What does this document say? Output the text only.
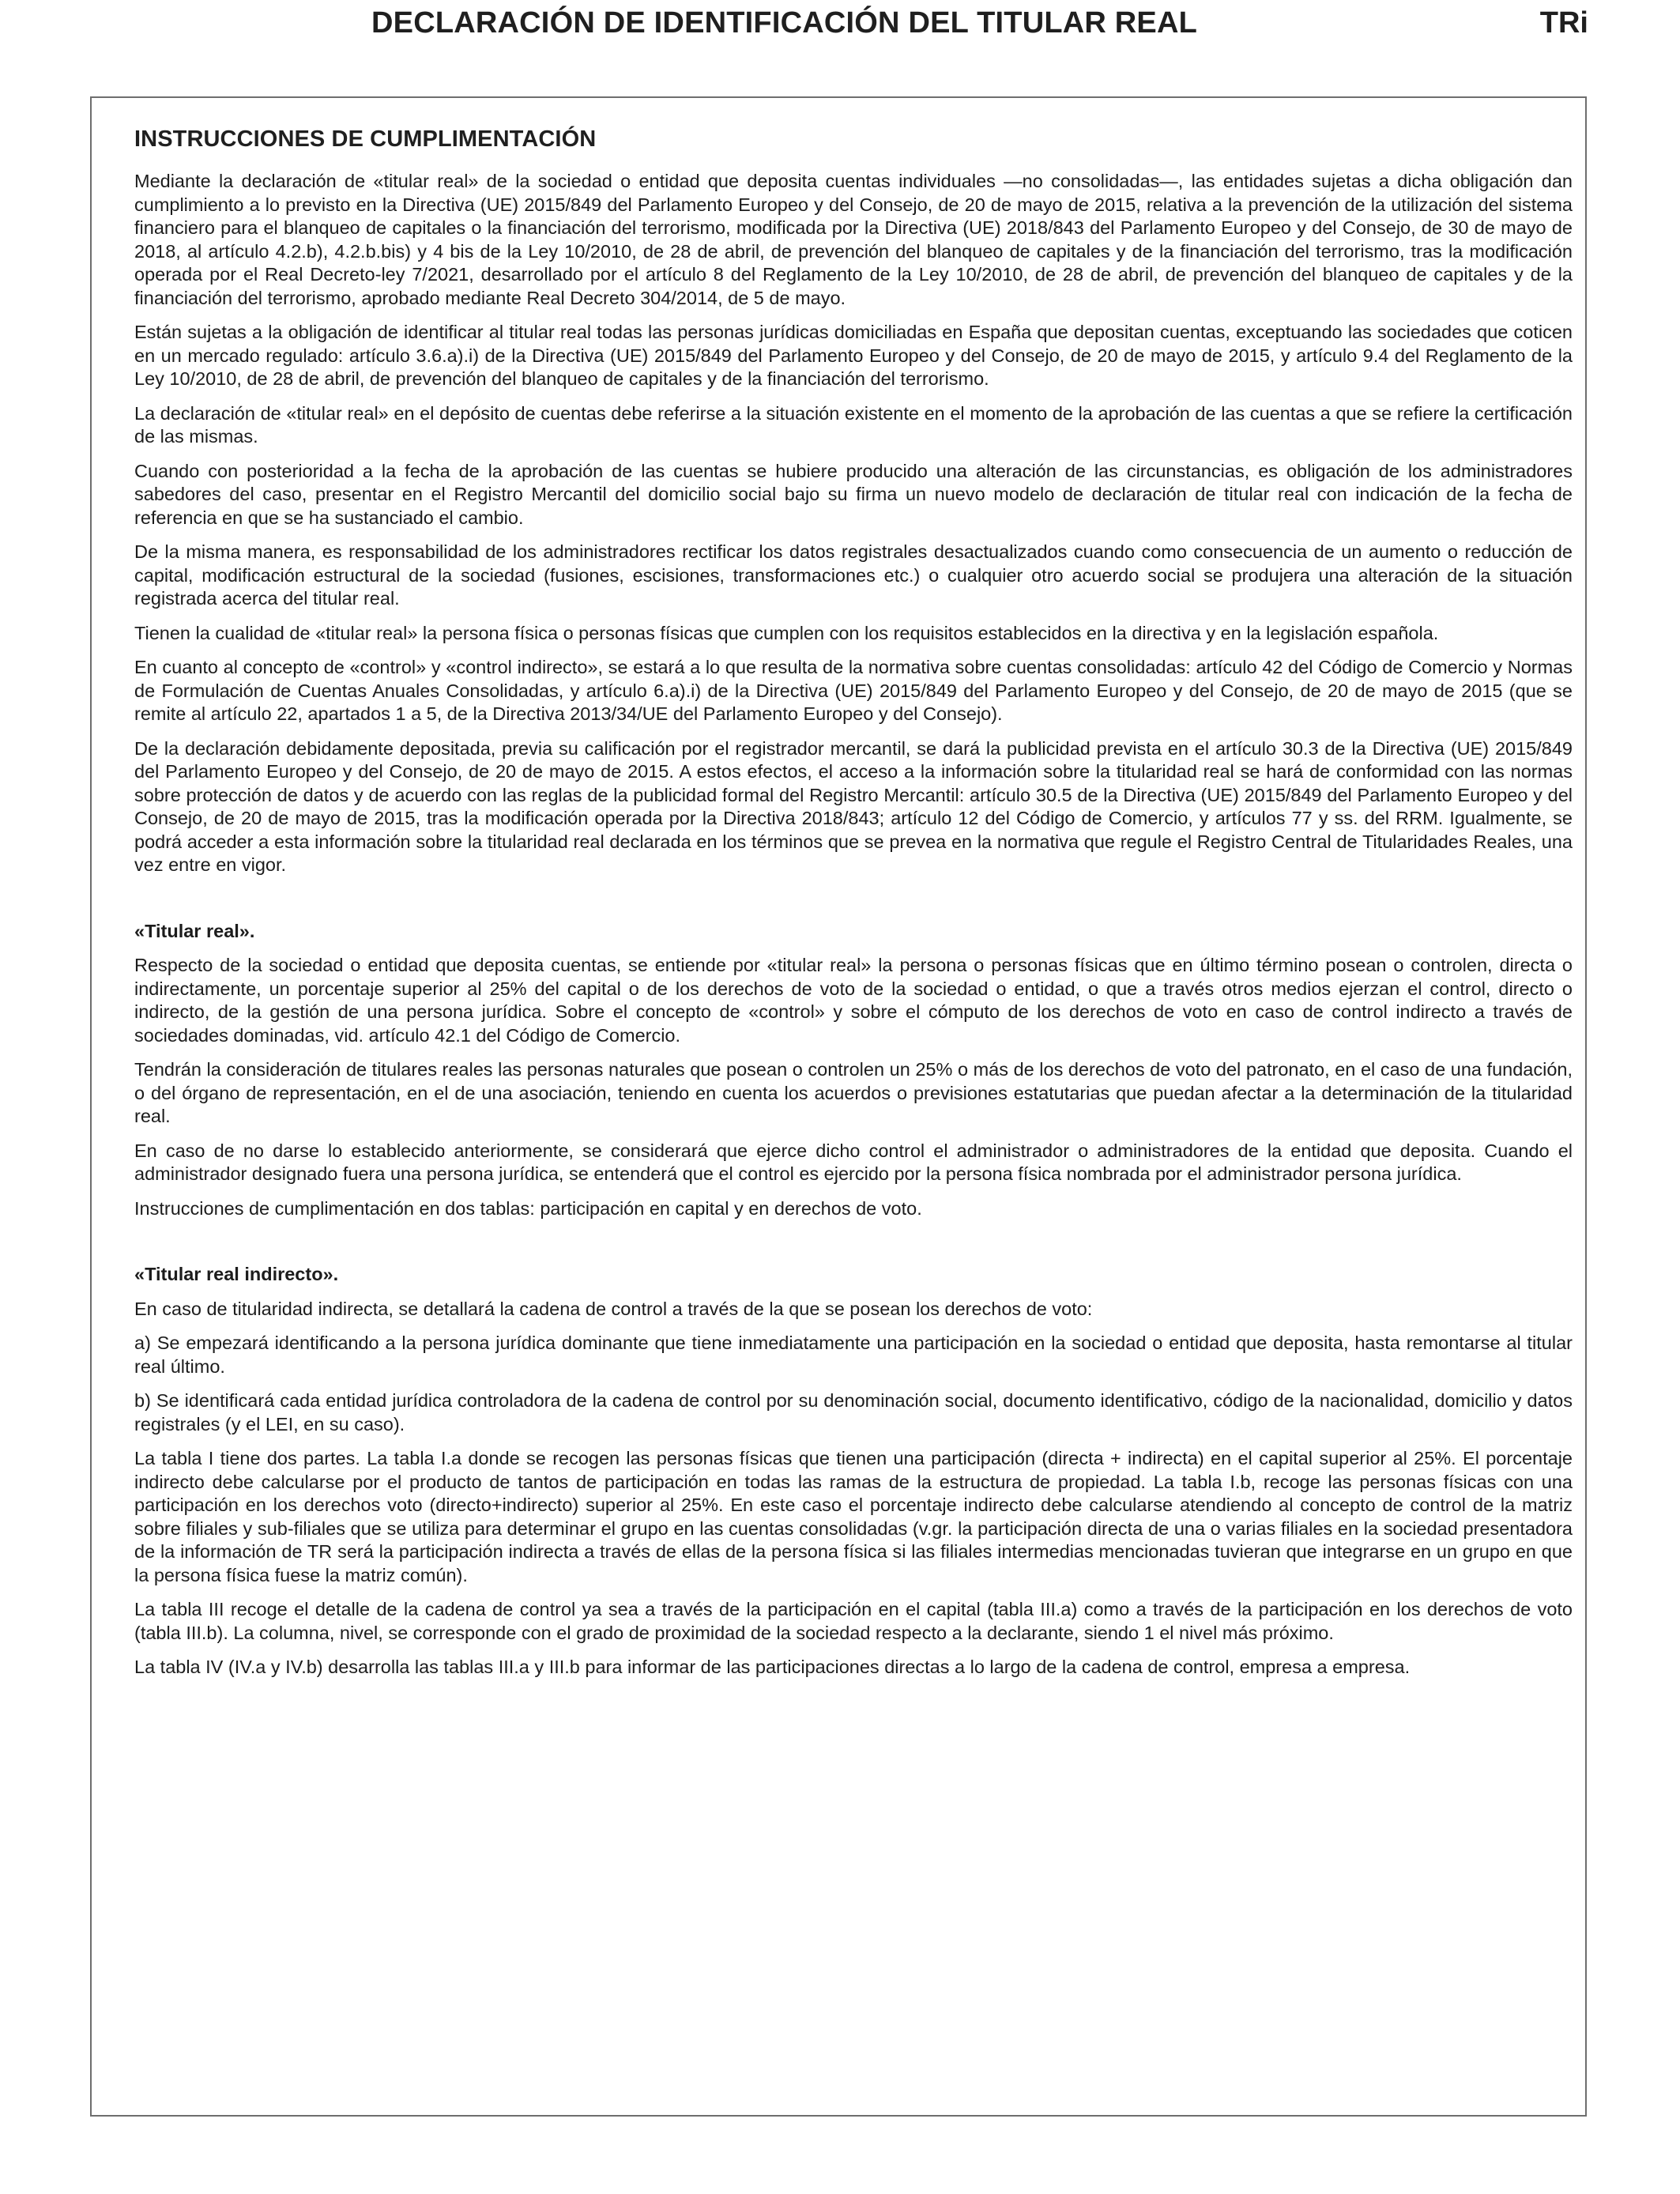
DECLARACIÓN DE IDENTIFICACIÓN DEL TITULAR REAL	TRi
INSTRUCCIONES DE CUMPLIMENTACIÓN

Mediante la declaración de «titular real» de la sociedad o entidad que deposita cuentas individuales —no consolidadas—, las entidades sujetas a dicha obligación dan cumplimiento a lo previsto en la Directiva (UE) 2015/849 del Parlamento Europeo y del Consejo, de 20 de mayo de 2015, relativa a la prevención de la utilización del sistema financiero para el blanqueo de capitales o la financiación del terrorismo, modificada por la Directiva (UE) 2018/843 del Parlamento Europeo y del Consejo, de 30 de mayo de 2018, al artículo 4.2.b), 4.2.b.bis) y 4 bis de la Ley 10/2010, de 28 de abril, de prevención del blanqueo de capitales y de la financiación del terrorismo, tras la modificación operada por el Real Decreto-ley 7/2021, desarrollado por el artículo 8 del Reglamento de la Ley 10/2010, de 28 de abril, de prevención del blanqueo de capitales y de la financiación del terrorismo, aprobado mediante Real Decreto 304/2014, de 5 de mayo.

Están sujetas a la obligación de identificar al titular real todas las personas jurídicas domiciliadas en España que depositan cuentas, exceptuando las sociedades que coticen en un mercado regulado: artículo 3.6.a).i) de la Directiva (UE) 2015/849 del Parlamento Europeo y del Consejo, de 20 de mayo de 2015, y artículo 9.4 del Reglamento de la Ley 10/2010, de 28 de abril, de prevención del blanqueo de capitales y de la financiación del terrorismo.

La declaración de «titular real» en el depósito de cuentas debe referirse a la situación existente en el momento de la aprobación de las cuentas a que se refiere la certificación de las mismas.

Cuando con posterioridad a la fecha de la aprobación de las cuentas se hubiere producido una alteración de las circunstancias, es obligación de los administradores sabedores del caso, presentar en el Registro Mercantil del domicilio social bajo su firma un nuevo modelo de declaración de titular real con indicación de la fecha de referencia en que se ha sustanciado el cambio.

De la misma manera, es responsabilidad de los administradores rectificar los datos registrales desactualizados cuando como consecuencia de un aumento o reducción de capital, modificación estructural de la sociedad (fusiones, escisiones, transformaciones etc.) o cualquier otro acuerdo social se produjera una alteración de la situación registrada acerca del titular real.

Tienen la cualidad de «titular real» la persona física o personas físicas que cumplen con los requisitos establecidos en la directiva y en la legislación española.

En cuanto al concepto de «control» y «control indirecto», se estará a lo que resulta de la normativa sobre cuentas consolidadas: artículo 42 del Código de Comercio y Normas de Formulación de Cuentas Anuales Consolidadas, y artículo 6.a).i) de la Directiva (UE) 2015/849 del Parlamento Europeo y del Consejo, de 20 de mayo de 2015 (que se remite al artículo 22, apartados 1 a 5, de la Directiva 2013/34/UE del Parlamento Europeo y del Consejo).

De la declaración debidamente depositada, previa su calificación por el registrador mercantil, se dará la publicidad prevista en el artículo 30.3 de la Directiva (UE) 2015/849 del Parlamento Europeo y del Consejo, de 20 de mayo de 2015. A estos efectos, el acceso a la información sobre la titularidad real se hará de conformidad con las normas sobre protección de datos y de acuerdo con las reglas de la publicidad formal del Registro Mercantil: artículo 30.5 de la Directiva (UE) 2015/849 del Parlamento Europeo y del Consejo, de 20 de mayo de 2015, tras la modificación operada por la Directiva 2018/843; artículo 12 del Código de Comercio, y artículos 77 y ss. del RRM. Igualmente, se podrá acceder a esta información sobre la titularidad real declarada en los términos que se prevea en la normativa que regule el Registro Central de Titularidades Reales, una vez entre en vigor.

«Titular real».

Respecto de la sociedad o entidad que deposita cuentas, se entiende por «titular real» la persona o personas físicas que en último término posean o controlen, directa o indirectamente, un porcentaje superior al 25% del capital o de los derechos de voto de la sociedad o entidad, o que a través otros medios ejerzan el control, directo o indirecto, de la gestión de una persona jurídica. Sobre el concepto de «control» y sobre el cómputo de los derechos de voto en caso de control indirecto a través de sociedades dominadas, vid. artículo 42.1 del Código de Comercio.

Tendrán la consideración de titulares reales las personas naturales que posean o controlen un 25% o más de los derechos de voto del patronato, en el caso de una fundación, o del órgano de representación, en el de una asociación, teniendo en cuenta los acuerdos o previsiones estatutarias que puedan afectar a la determinación de la titularidad real.

En caso de no darse lo establecido anteriormente, se considerará que ejerce dicho control el administrador o administradores de la entidad que deposita. Cuando el administrador designado fuera una persona jurídica, se entenderá que el control es ejercido por la persona física nombrada por el administrador persona jurídica.

Instrucciones de cumplimentación en dos tablas: participación en capital y en derechos de voto.

«Titular real indirecto».

En caso de titularidad indirecta, se detallará la cadena de control a través de la que se posean los derechos de voto:

a) Se empezará identificando a la persona jurídica dominante que tiene inmediatamente una participación en la sociedad o entidad que deposita, hasta remontarse al titular real último.

b) Se identificará cada entidad jurídica controladora de la cadena de control por su denominación social, documento identificativo, código de la nacionalidad, domicilio y datos registrales (y el LEI, en su caso).

La tabla I tiene dos partes. La tabla I.a donde se recogen las personas físicas que tienen una participación (directa + indirecta) en el capital superior al 25%. El porcentaje indirecto debe calcularse por el producto de tantos de participación en todas las ramas de la estructura de propiedad. La tabla I.b, recoge las personas físicas con una participación en los derechos voto (directo+indirecto) superior al 25%. En este caso el porcentaje indirecto debe calcularse atendiendo al concepto de control de la matriz sobre filiales y sub-filiales que se utiliza para determinar el grupo en las cuentas consolidadas (v.gr. la participación directa de una o varias filiales en la sociedad presentadora de la información de TR será la participación indirecta a través de ellas de la persona física si las filiales intermedias mencionadas tuvieran que integrarse en un grupo en que la persona física fuese la matriz común).

La tabla III recoge el detalle de la cadena de control ya sea a través de la participación en el capital (tabla III.a) como a través de la participación en los derechos de voto (tabla III.b). La columna, nivel, se corresponde con el grado de proximidad de la sociedad respecto a la declarante, siendo 1 el nivel más próximo.

La tabla IV (IV.a y IV.b) desarrolla las tablas III.a y III.b para informar de las participaciones directas a lo largo de la cadena de control, empresa a empresa.
